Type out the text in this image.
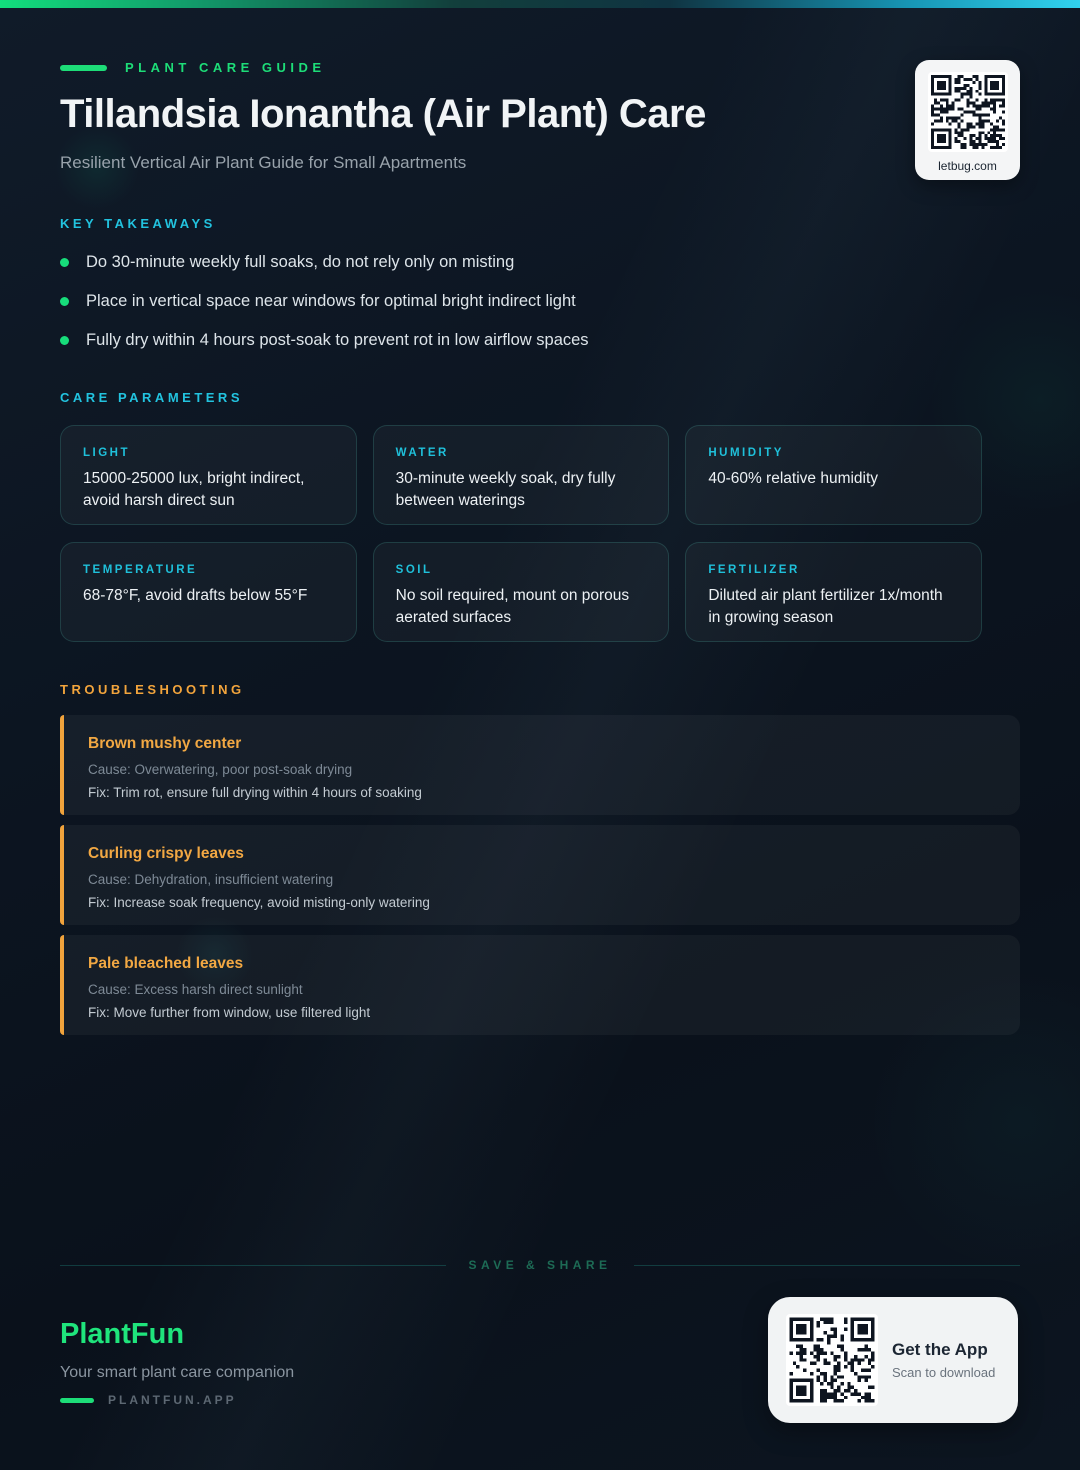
PLANT CARE GUIDE
Tillandsia Ionantha (Air Plant) Care
Resilient Vertical Air Plant Guide for Small Apartments	letbug.com
KEY TAKEAWAYS
Do 30-minute weekly full soaks, do not rely only on misting
Place in vertical space near windows for optimal bright indirect light
Fully dry within 4 hours post-soak to prevent rot in low airflow spaces
CARE PARAMETERS
LIGHT
15000-25000 lux, bright indirect, avoid harsh direct sun
WATER
30-minute weekly soak, dry fully between waterings
HUMIDITY
40-60% relative humidity
TEMPERATURE
68-78°F, avoid drafts below 55°F
SOIL
No soil required, mount on porous aerated surfaces
FERTILIZER
Diluted air plant fertilizer 1x/month in growing season
TROUBLESHOOTING
Brown mushy center
Cause: Overwatering, poor post-soak drying
Fix: Trim rot, ensure full drying within 4 hours of soaking
Curling crispy leaves
Cause: Dehydration, insufficient watering
Fix: Increase soak frequency, avoid misting-only watering
Pale bleached leaves
Cause: Excess harsh direct sunlight
Fix: Move further from window, use filtered light
SAVE & SHARE
PlantFun
Your smart plant care companion
PLANTFUN.APP
Get the App
Scan to download
